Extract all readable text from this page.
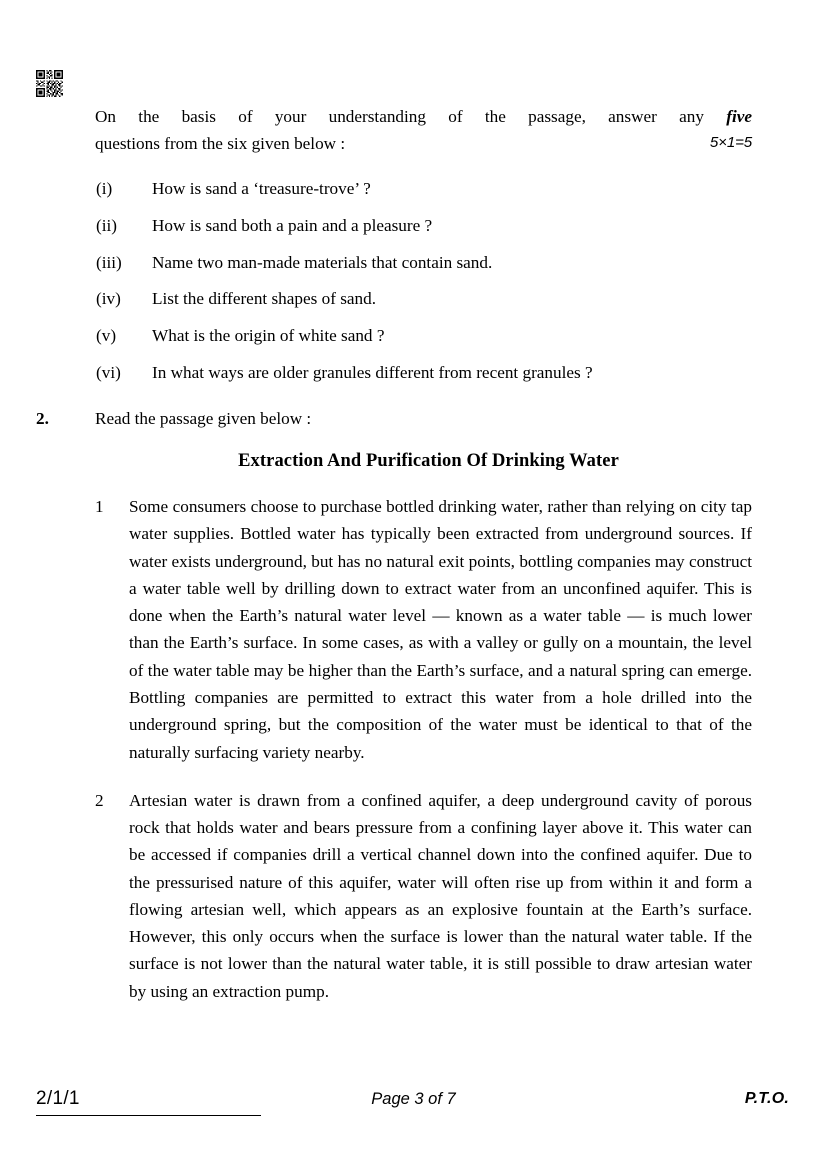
On the basis of your understanding of the passage, answer any five
questions from the six given below :	5×1=5
(i)	How is sand a ‘treasure-trove’ ?
(ii)	How is sand both a pain and a pleasure ?
(iii)	Name two man-made materials that contain sand.
(iv)	List the different shapes of sand.
(v)	What is the origin of white sand ?
(vi)	In what ways are older granules different from recent granules ?
2.	Read the passage given below :
Extraction And Purification Of Drinking Water
1	Some consumers choose to purchase bottled drinking water, rather than relying on city tap water supplies. Bottled water has typically been extracted from underground sources. If water exists underground, but has no natural exit points, bottling companies may construct a water table well by drilling down to extract water from an unconfined aquifer. This is done when the Earth’s natural water level — known as a water table — is much lower than the Earth’s surface. In some cases, as with a valley or gully on a mountain, the level of the water table may be higher than the Earth’s surface, and a natural spring can emerge. Bottling companies are permitted to extract this water from a hole drilled into the underground spring, but the composition of the water must be identical to that of the naturally surfacing variety nearby.
2	Artesian water is drawn from a confined aquifer, a deep underground cavity of porous rock that holds water and bears pressure from a confining layer above it. This water can be accessed if companies drill a vertical channel down into the confined aquifer. Due to the pressurised nature of this aquifer, water will often rise up from within it and form a flowing artesian well, which appears as an explosive fountain at the Earth’s surface. However, this only occurs when the surface is lower than the natural water table. If the surface is not lower than the natural water table, it is still possible to draw artesian water by using an extraction pump.
2/1/1	Page 3 of 7	P.T.O.
